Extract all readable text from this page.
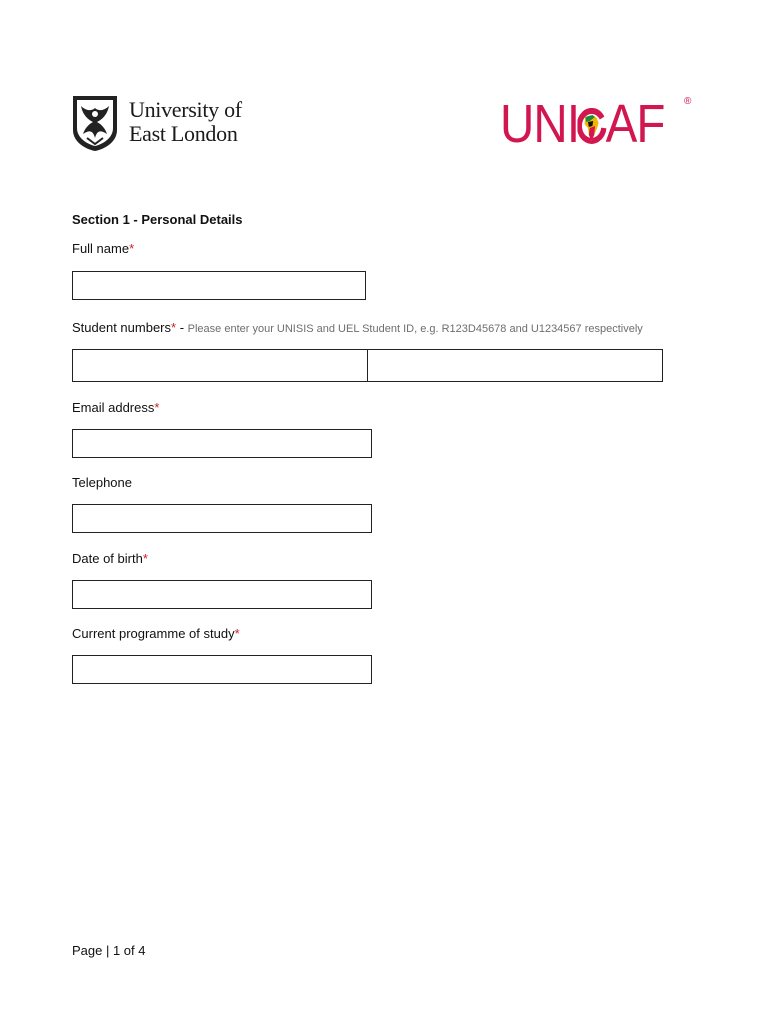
University of
East London	UNI AF ®
Section 1 - Personal Details
Full name*
Student numbers* - Please enter your UNISIS and UEL Student ID, e.g. R123D45678 and U1234567 respectively
Email address*
Telephone
Date of birth*
Current programme of study*
Page | 1 of 4
